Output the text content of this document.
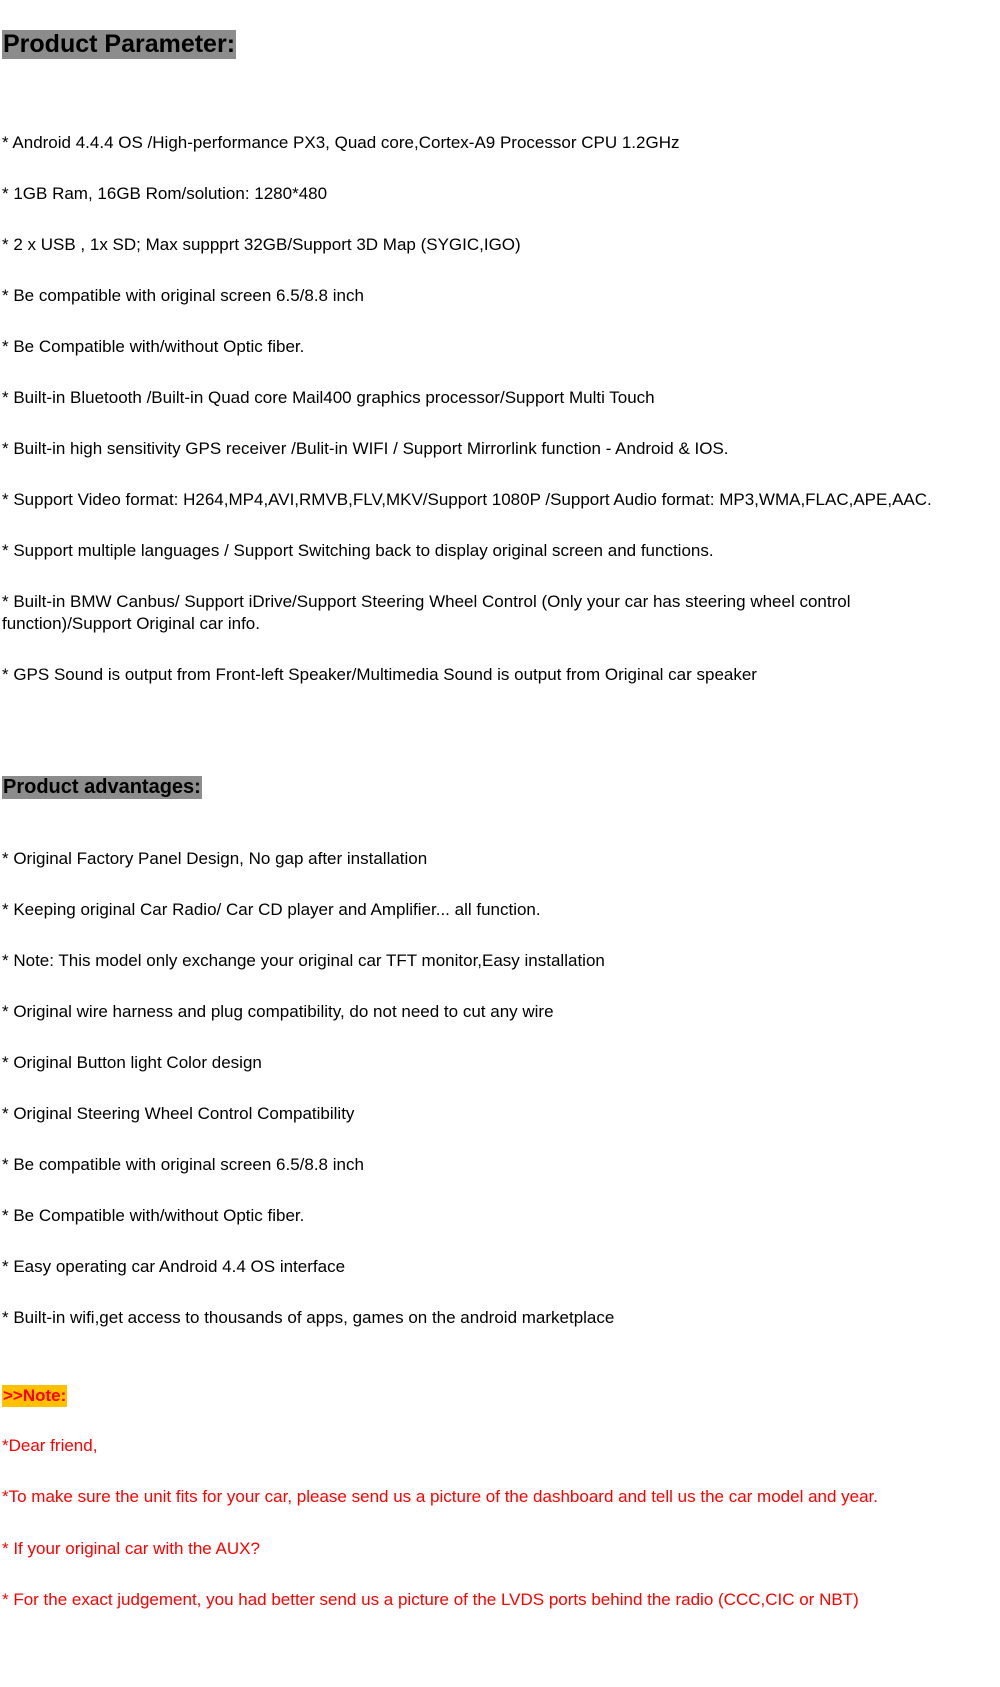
Product Parameter:
* Android 4.4.4 OS /High-performance PX3, Quad core,Cortex-A9 Processor CPU 1.2GHz
* 1GB Ram, 16GB Rom/solution: 1280*480
* 2 x USB , 1x SD; Max suppprt 32GB/Support 3D Map (SYGIC,IGO)
* Be compatible with original screen 6.5/8.8 inch
* Be Compatible with/without Optic fiber.
* Built-in Bluetooth /Built-in Quad core Mail400 graphics processor/Support Multi Touch
* Built-in high sensitivity GPS receiver /Bulit-in WIFI / Support Mirrorlink function - Android & IOS.
* Support Video format: H264,MP4,AVI,RMVB,FLV,MKV/Support 1080P /Support Audio format: MP3,WMA,FLAC,APE,AAC.
* Support multiple languages / Support Switching back to display original screen and functions.
* Built-in BMW Canbus/ Support iDrive/Support Steering Wheel Control (Only your car has steering wheel control function)/Support Original car info.
* GPS Sound is output from Front-left Speaker/Multimedia Sound is output from Original car speaker
Product advantages:
* Original Factory Panel Design, No gap after installation
* Keeping original Car Radio/ Car CD player and Amplifier... all function.
* Note: This model only exchange your original car TFT monitor,Easy installation
* Original wire harness and plug compatibility, do not need to cut any wire
* Original Button light Color design
* Original Steering Wheel Control Compatibility
* Be compatible with original screen 6.5/8.8 inch
* Be Compatible with/without Optic fiber.
* Easy operating car Android 4.4 OS interface
* Built-in wifi,get access to thousands of apps, games on the android marketplace
>>Note:
*Dear friend,
*To make sure the unit fits for your car, please send us a picture of the dashboard and tell us the car model and year.
* If your original car with the AUX?
* For the exact judgement, you had better send us a picture of the LVDS ports behind the radio (CCC,CIC or NBT)
